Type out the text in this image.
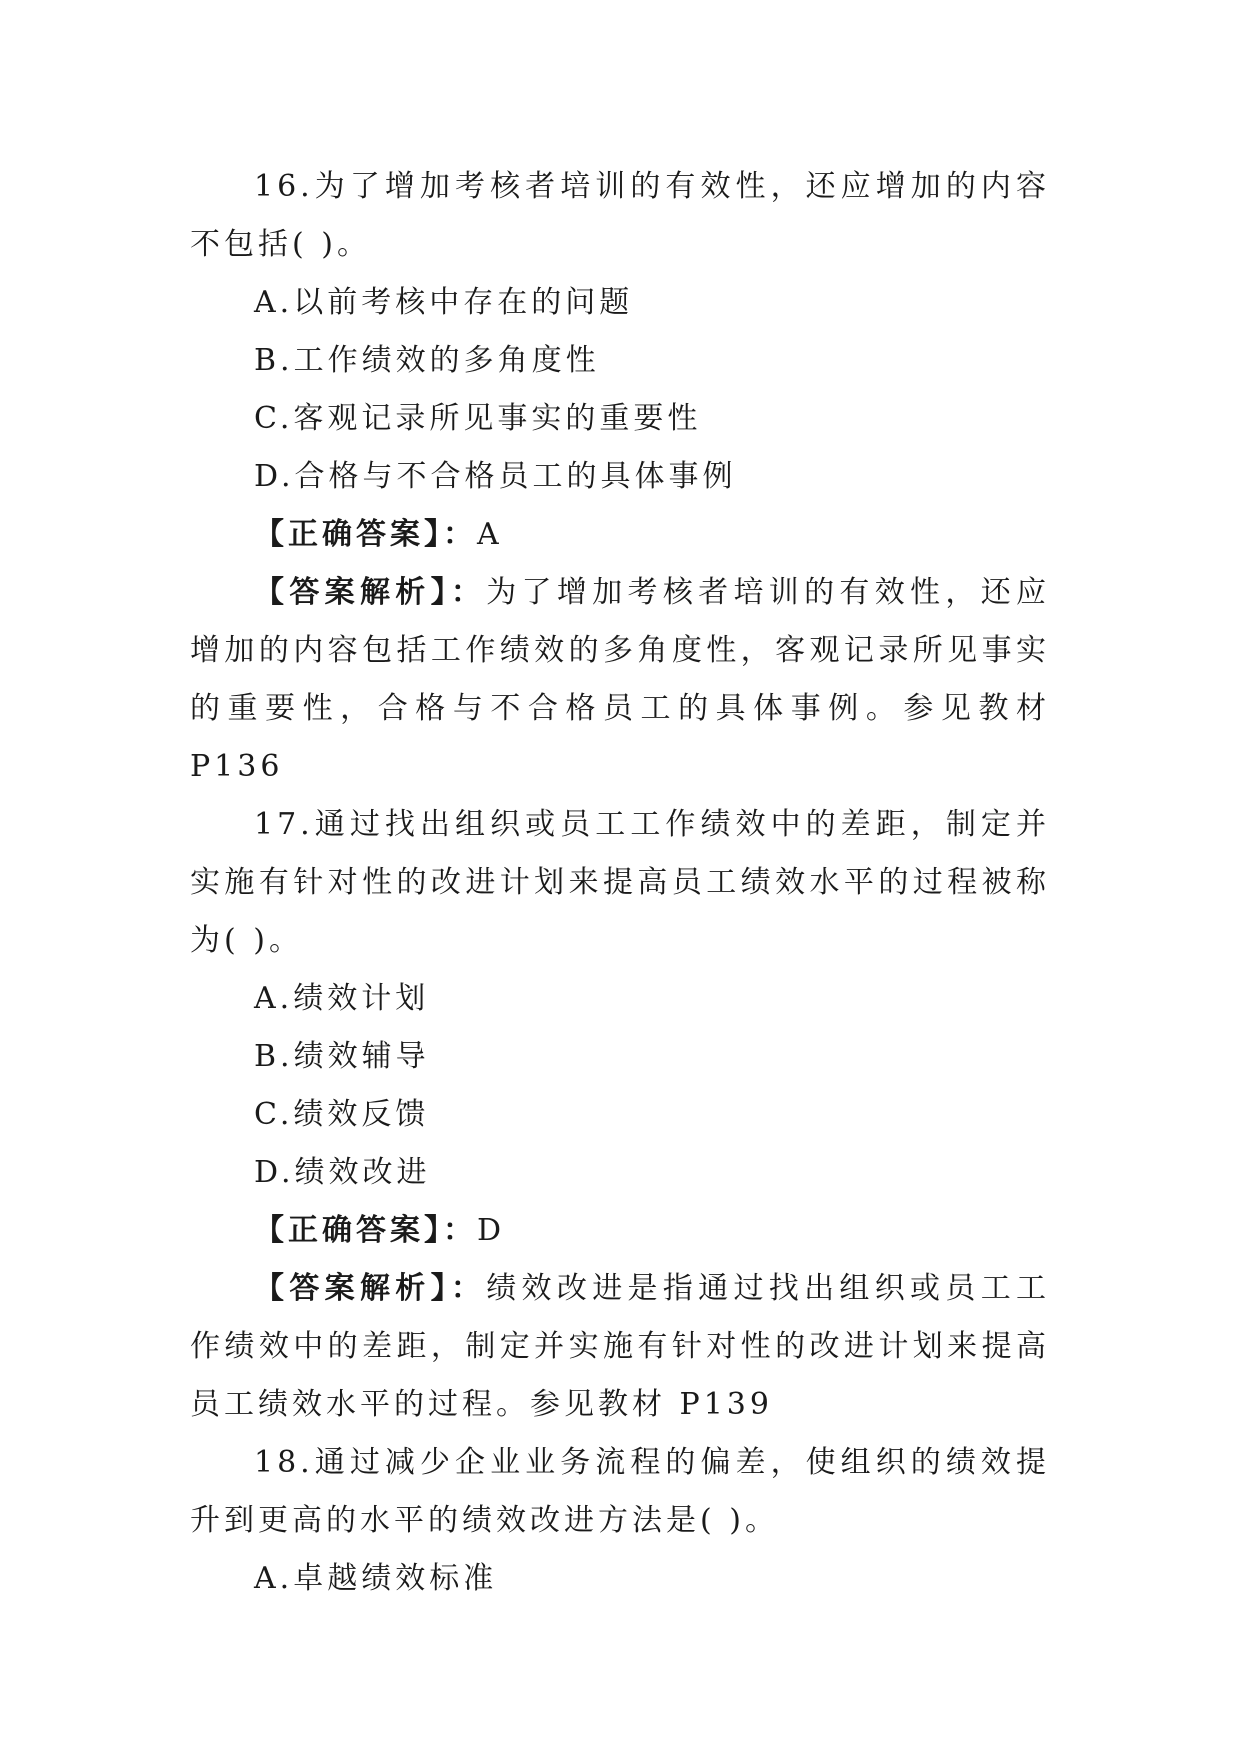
16.为了增加考核者培训的有效性，还应增加的内容不包括( )。

A.以前考核中存在的问题

B.工作绩效的多角度性

C.客观记录所见事实的重要性

D.合格与不合格员工的具体事例

【正确答案】：A

【答案解析】：为了增加考核者培训的有效性，还应增加的内容包括工作绩效的多角度性，客观记录所见事实的重要性，合格与不合格员工的具体事例。参见教材 P136

17.通过找出组织或员工工作绩效中的差距，制定并实施有针对性的改进计划来提高员工绩效水平的过程被称为( )。

A.绩效计划

B.绩效辅导

C.绩效反馈

D.绩效改进

【正确答案】：D

【答案解析】：绩效改进是指通过找出组织或员工工作绩效中的差距，制定并实施有针对性的改进计划来提高员工绩效水平的过程。参见教材 P139

18.通过减少企业业务流程的偏差，使组织的绩效提升到更高的水平的绩效改进方法是( )。

A.卓越绩效标准
